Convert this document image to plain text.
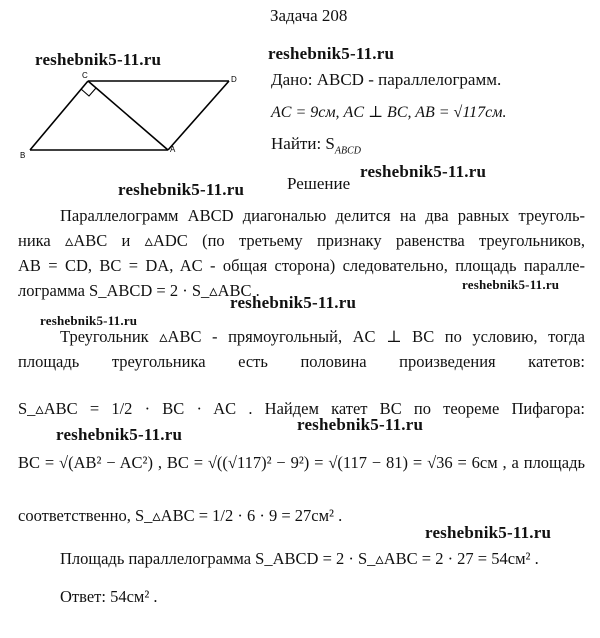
Задача 208
reshebnik5-11.ru	reshebnik5-11.ru
reshebnik5-11.ru
reshebnik5-11.ru
reshebnik5-11.ru
reshebnik5-11.ru
reshebnik5-11.ru
reshebnik5-11.ru
reshebnik5-11.ru
reshebnik5-11.ru
C	D
B
A
Дано: ABCD - параллелограмм.
AC = 9см, AC ⊥ BC, AB = √117см.
Найти: $S_{ABCD}$
Решение
Параллелограмм ABCD диагональю делится на два равных треуголь-
ника ▵ABC и ▵ADC (по третьему признаку равенства треугольников,
AB = CD, BC = DA, AC - общая сторона) следовательно, площадь паралле-
лограмма S_ABCD = 2 · S_▵ABC .
Треугольник ▵ABC - прямоугольный, AC ⊥ BC по условию, тогда
площадь треугольника есть половина произведения катетов:
S_▵ABC = 1/2 · BC · AC . Найдем катет BC по теореме Пифагора:
BC = √(AB² − AC²) , BC = √((√117)² − 9²) = √(117 − 81) = √36 = 6см , а площадь
соответственно, S_▵ABC = 1/2 · 6 · 9 = 27см² .
Площадь параллелограмма S_ABCD = 2 · S_▵ABC = 2 · 27 = 54см² .
Ответ: 54см² .
